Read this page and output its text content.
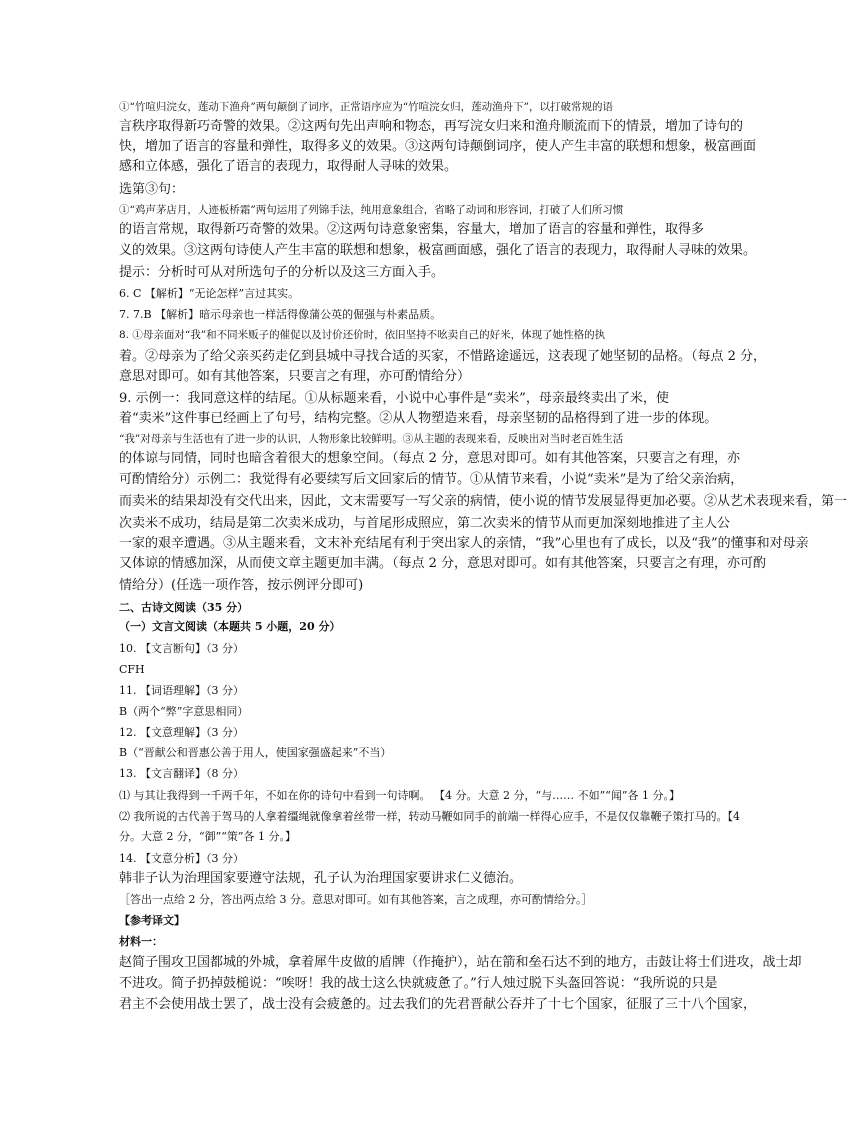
①“竹喧归浣女，莲动下渔舟”两句颠倒了词序，正常语序应为“竹喧浣女归，莲动渔舟下”，以打破常规的语
言秩序取得新巧奇警的效果。②这两句先出声响和物态，再写浣女归来和渔舟顺流而下的情景，增加了诗句的
快，增加了语言的容量和弹性，取得多义的效果。③这两句诗颠倒词序，使人产生丰富的联想和想象，极富画面
感和立体感，强化了语言的表现力，取得耐人寻味的效果。
选第③句：
①“鸡声茅店月，人迹板桥霜”两句运用了列锦手法，纯用意象组合，省略了动词和形容词，打破了人们所习惯
的语言常规，取得新巧奇警的效果。②这两句诗意象密集，容量大，增加了语言的容量和弹性，取得多
义的效果。③这两句诗使人产生丰富的联想和想象，极富画面感，强化了语言的表现力，取得耐人寻味的效果。
提示：分析时可从对所选句子的分析以及这三方面入手。
6. C 【解析】“无论怎样”言过其实。
7. 7.B 【解析】暗示母亲也一样活得像蒲公英的倔强与朴素品质。
8. ①母亲面对“我”和不同米贩子的催促以及讨价还价时，依旧坚持不吆卖自己的好米，体现了她性格的执
着。②母亲为了给父亲买药走亿到县城中寻找合适的买家，不惜路途遥远，这表现了她坚韧的品格。（每点 2 分，
意思对即可。如有其他答案，只要言之有理，亦可酌情给分）
9. 示例一：我同意这样的结尾。①从标题来看，小说中心事件是“卖米”，母亲最终卖出了米，使
着“卖米”这件事已经画上了句号，结构完整。②从人物塑造来看，母亲坚韧的品格得到了进一步的体现。
“我”对母亲与生活也有了进一步的认识，人物形象比较鲜明。③从主题的表现来看，反映出对当时老百姓生活
的体谅与同情，同时也暗含着很大的想象空间。（每点 2 分，意思对即可。如有其他答案，只要言之有理，亦
可酌情给分）示例二：我觉得有必要续写后文回家后的情节。①从情节来看，小说“卖米”是为了给父亲治病，
而卖米的结果却没有交代出来，因此，文末需要写一写父亲的病情，使小说的情节发展显得更加必要。②从艺术表现来看，第一
次卖米不成功，结局是第二次卖米成功，与首尾形成照应，第二次卖米的情节从而更加深刻地推进了主人公
一家的艰辛遭遇。③从主题来看，文末补充结尾有利于突出家人的亲情，“我”心里也有了成长，以及“我”的懂事和对母亲
又体谅的情感加深，从而使文章主题更加丰满。（每点 2 分，意思对即可。如有其他答案，只要言之有理，亦可酌
情给分）(任选一项作答，按示例评分即可)
二、古诗文阅读（35 分）
（一）文言文阅读（本题共 5 小题，20 分）
10. 【文言断句】（3 分）
CFH
11. 【词语理解】（3 分）
B（两个“弊”字意思相同）
12. 【文意理解】（3 分）
B（“晋献公和晋惠公善于用人，使国家强盛起来”不当）
13. 【文言翻译】（8 分）
⑴ 与其让我得到一千两千年，不如在你的诗句中看到一句诗啊。 【4 分。大意 2 分，“与…… 不如”“闻”各 1 分。】
⑵ 我所说的古代善于驾马的人拿着缰绳就像拿着丝带一样，转动马鞭如同手的前端一样得心应手，不是仅仅靠鞭子策打马的。【4
分。大意 2 分，“御”“策”各 1 分。】
14. 【文意分析】（3 分）
韩非子认为治理国家要遵守法规，孔子认为治理国家要讲求仁义德治。
［答出一点给 2 分，答出两点给 3 分。意思对即可。如有其他答案，言之成理，亦可酌情给分。］
【参考译文】
材料一：
赵简子围攻卫国都城的外城，拿着犀牛皮做的盾牌（作掩护），站在箭和垒石达不到的地方，击鼓让将士们进攻，战士却
不进攻。简子扔掉鼓槌说：“唉呀！我的战士这么快就疲惫了。”行人烛过脱下头盔回答说：“我所说的只是
君主不会使用战士罢了，战士没有会疲惫的。过去我们的先君晋献公吞并了十七个国家，征服了三十八个国家，
